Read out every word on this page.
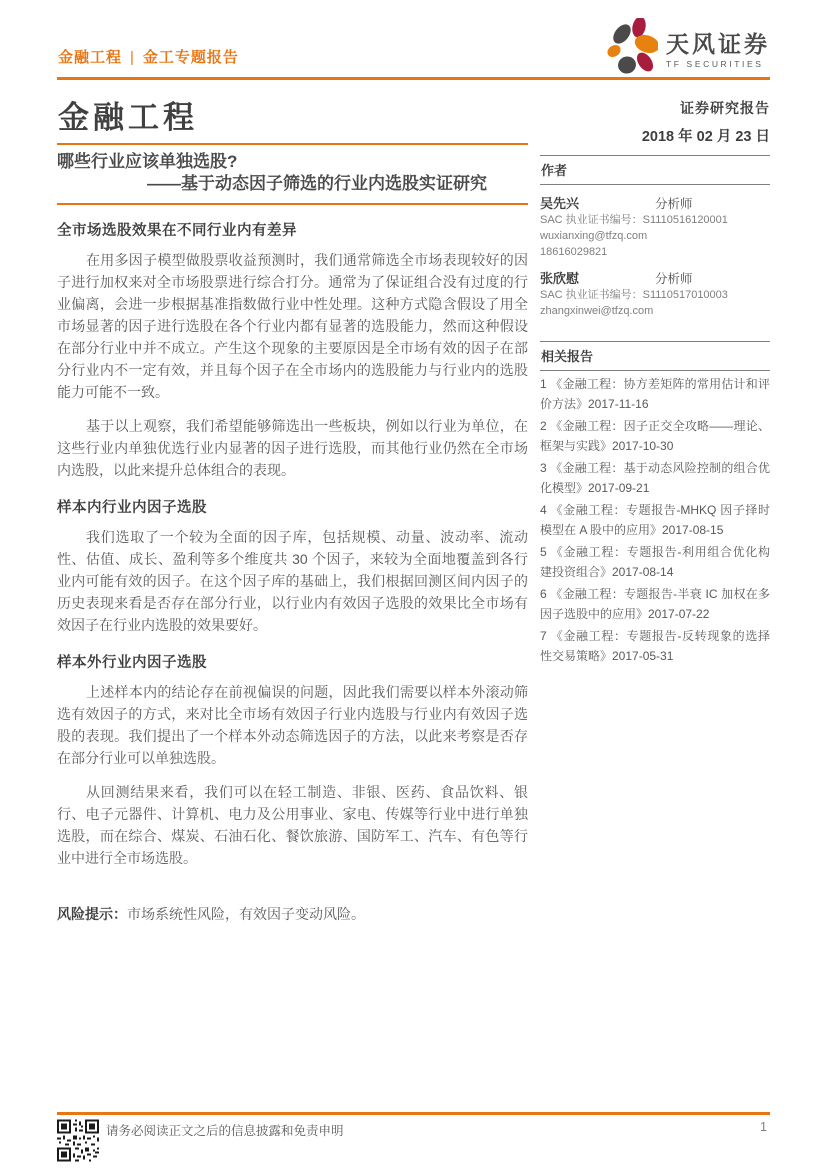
金融工程 | 金工专题报告
天风证券
TF SECURITIES
金融工程
哪些行业应该单独选股?
——基于动态因子筛选的行业内选股实证研究
全市场选股效果在不同行业内有差异

在用多因子模型做股票收益预测时，我们通常筛选全市场表现较好的因子进行加权来对全市场股票进行综合打分。通常为了保证组合没有过度的行业偏离，会进一步根据基准指数做行业中性处理。这种方式隐含假设了用全市场显著的因子进行选股在各个行业内都有显著的选股能力，然而这种假设在部分行业中并不成立。产生这个现象的主要原因是全市场有效的因子在部分行业内不一定有效，并且每个因子在全市场内的选股能力与行业内的选股能力可能不一致。

基于以上观察，我们希望能够筛选出一些板块，例如以行业为单位，在这些行业内单独优选行业内显著的因子进行选股，而其他行业仍然在全市场内选股，以此来提升总体组合的表现。

样本内行业内因子选股

我们选取了一个较为全面的因子库，包括规模、动量、波动率、流动性、估值、成长、盈利等多个维度共 30 个因子，来较为全面地覆盖到各行业内可能有效的因子。在这个因子库的基础上，我们根据回测区间内因子的历史表现来看是否存在部分行业，以行业内有效因子选股的效果比全市场有效因子在行业内选股的效果要好。

样本外行业内因子选股

上述样本内的结论存在前视偏误的问题，因此我们需要以样本外滚动筛选有效因子的方式，来对比全市场有效因子行业内选股与行业内有效因子选股的表现。我们提出了一个样本外动态筛选因子的方法，以此来考察是否存在部分行业可以单独选股。

从回测结果来看，我们可以在轻工制造、非银、医药、食品饮料、银行、电子元器件、计算机、电力及公用事业、家电、传媒等行业中进行单独选股，而在综合、煤炭、石油石化、餐饮旅游、国防军工、汽车、有色等行业中进行全市场选股。

风险提示：市场系统性风险，有效因子变动风险。

证券研究报告
2018 年 02 月 23 日
作者
吴先兴	分析师
SAC 执业证书编号：S1110516120001
wuxianxing@tfzq.com
18616029821
张欣慰	分析师
SAC 执业证书编号：S1110517010003
zhangxinwei@tfzq.com
相关报告
1 《金融工程：协方差矩阵的常用估计和评价方法》2017-11-16
2 《金融工程：因子正交全攻略——理论、框架与实践》2017-10-30
3 《金融工程：基于动态风险控制的组合优化模型》2017-09-21
4 《金融工程：专题报告-MHKQ 因子择时模型在 A 股中的应用》2017-08-15
5 《金融工程：专题报告-利用组合优化构建投资组合》2017-08-14
6 《金融工程：专题报告-半衰 IC 加权在多因子选股中的应用》2017-07-22
7 《金融工程：专题报告-反转现象的选择性交易策略》2017-05-31
请务必阅读正文之后的信息披露和免责申明	1
